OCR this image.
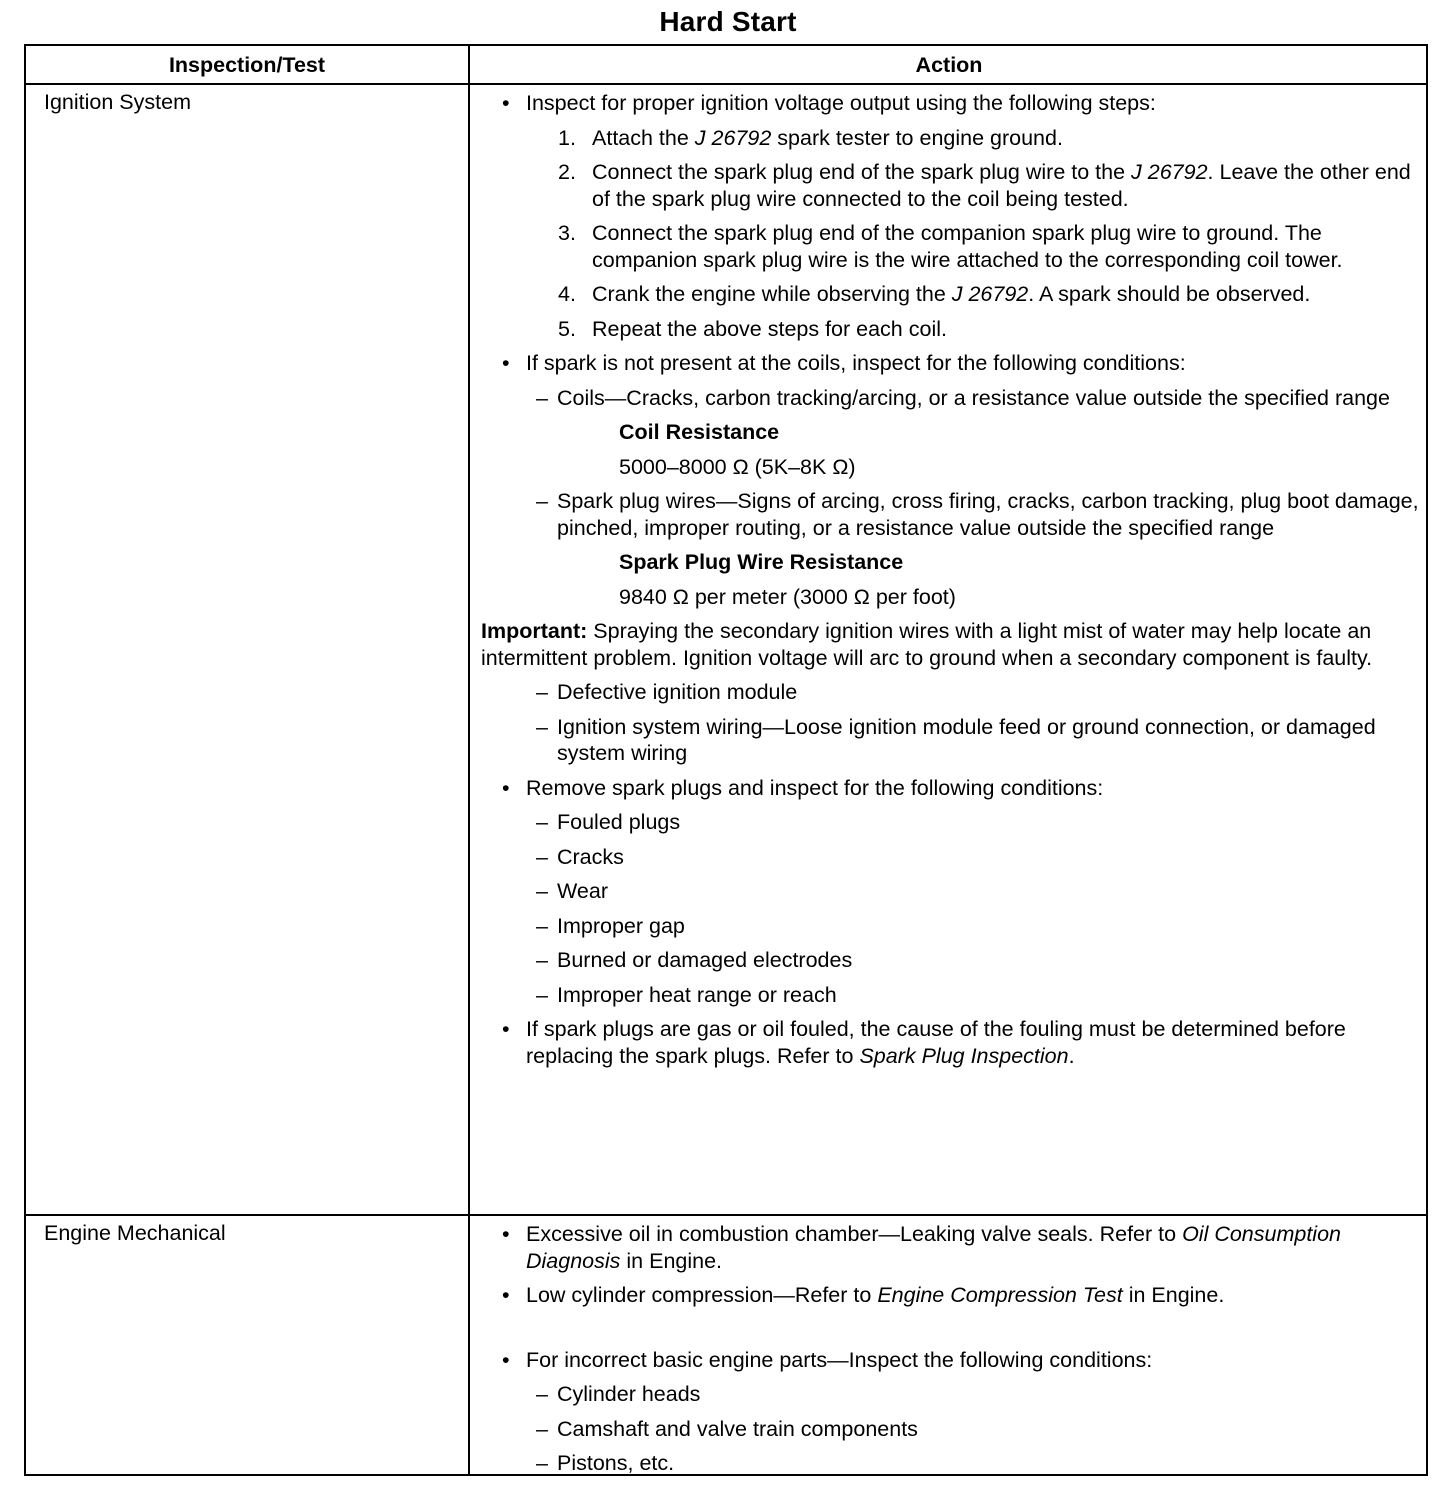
Hard Start
Inspection/Test	Action
Ignition System	• Inspect for proper ignition voltage output using the following steps:
1. Attach the J 26792 spark tester to engine ground.
2. Connect the spark plug end of the spark plug wire to the J 26792. Leave the other end of the spark plug wire connected to the coil being tested.
3. Connect the spark plug end of the companion spark plug wire to ground. The companion spark plug wire is the wire attached to the corresponding coil tower.
4. Crank the engine while observing the J 26792. A spark should be observed.
5. Repeat the above steps for each coil.
• If spark is not present at the coils, inspect for the following conditions:
– Coils—Cracks, carbon tracking/arcing, or a resistance value outside the specified range
Coil Resistance
5000–8000 Ω (5K–8K Ω)
– Spark plug wires—Signs of arcing, cross firing, cracks, carbon tracking, plug boot damage, pinched, improper routing, or a resistance value outside the specified range
Spark Plug Wire Resistance
9840 Ω per meter (3000 Ω per foot)
Important: Spraying the secondary ignition wires with a light mist of water may help locate an intermittent problem. Ignition voltage will arc to ground when a secondary component is faulty.
– Defective ignition module
– Ignition system wiring—Loose ignition module feed or ground connection, or damaged system wiring
• Remove spark plugs and inspect for the following conditions:
– Fouled plugs
– Cracks
– Wear
– Improper gap
– Burned or damaged electrodes
– Improper heat range or reach
• If spark plugs are gas or oil fouled, the cause of the fouling must be determined before replacing the spark plugs. Refer to Spark Plug Inspection.
Engine Mechanical	• Excessive oil in combustion chamber—Leaking valve seals. Refer to Oil Consumption Diagnosis in Engine.
• Low cylinder compression—Refer to Engine Compression Test in Engine.
• For incorrect basic engine parts—Inspect the following conditions:
– Cylinder heads
– Camshaft and valve train components
– Pistons, etc.
